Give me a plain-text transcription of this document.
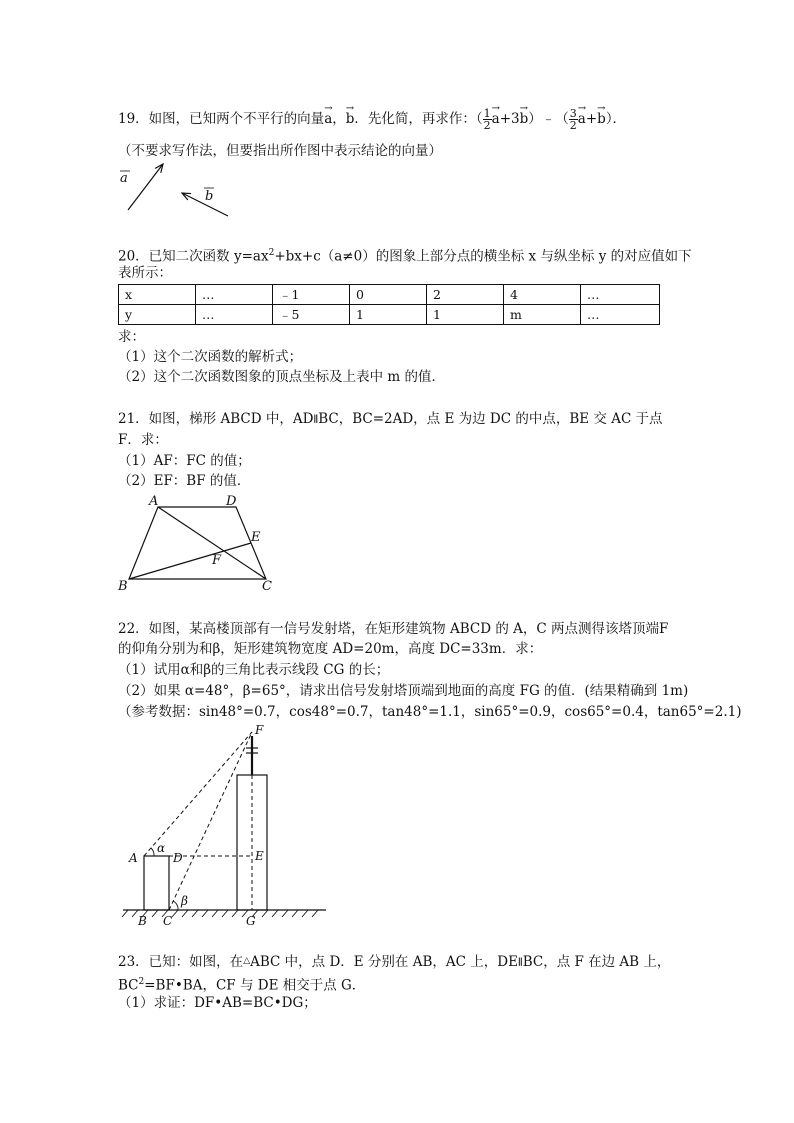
19．如图，已知两个不平行的向量→ a，→ b．先化简，再求作：（ $\frac{1}{2} \to a+3\to$ b）﹣（ $\frac{3}{2} \to a+\to b$）．
（不要求写作法，但要指出所作图中表示结论的向量）
a
b
20．已知二次函数 $y=ax^2+bx+c(a\ne 0)$的图象上部分点的横坐标 x 与纵坐标 y 的对应值如下
表所示：
x	…	﹣1	0	2	4	…
y	…	﹣5	1	1	m	…
求：
（1）这个二次函数的解析式；
（2）这个二次函数图象的顶点坐标及上表中 m 的值．
21．如图，梯形 ABCD 中，AD∥BC，BC=2AD，点 E 为边 DC 的中点，BE 交 AC 于点
F．求：
（1）AF：FC 的值；
（2）EF：BF 的值．
A	D
E
F
B	C
22．如图，某高楼顶部有一信号发射塔，在矩形建筑物 ABCD 的 A，C 两点测得该塔顶端F
的仰角分别为和β，矩形建筑物宽度 AD=20m，高度 DC=33m．求：
（1）试用α和β的三角比表示线段 CG 的长；
（2）如果 α=48°，β=65°，请求出信号发射塔顶端到地面的高度 FG 的值．(结果精确到 1m)
（参考数据：sin48°=0.7，cos48°=0.7，tan48°=1.1，sin65°=0.9，cos65°=0.4，tan65°=2.1)
F
A	D	E
α
β
B C	G
23．已知：如图，在△ABC 中，点 D．E 分别在 AB，AC 上，DE∥BC，点 F 在边 AB 上，
$BC^2=BF•BA$，CF 与 DE 相交于点 G．
（1）求证：DF•AB=BC•DG；
